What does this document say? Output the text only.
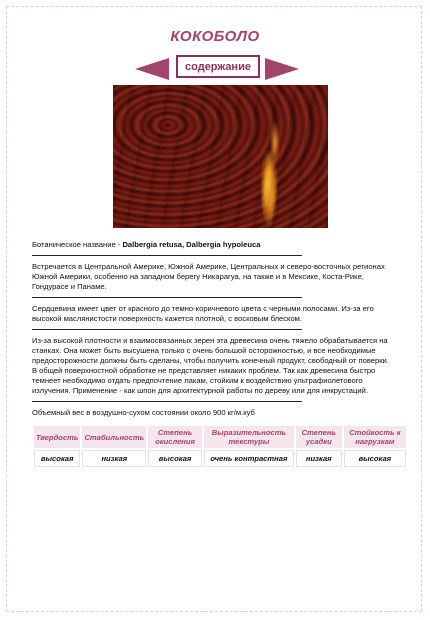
КОКОБОЛО
содержание

Ботаническое название - Dalbergia retusa, Dalbergia hypoleuca

Встречается в Центральной Америке, Южной Америке, Центральных и северо-восточных регионах Южной Америки, особенно на западном берегу Никарагуа, на также и в Мексике, Коста-Рике, Гондурасе и Панаме.

Сердцевина имеет цвет от красного до темно-коричневого цвета с черными полосами. Из-за его высокой маслянистости поверхность кажется плотной, с восковым блеском.

Из-за высокой плотности и взаимосвязанных зерен эта древесина очень тяжело обрабатывается на станках. Она может быть высушена только с очень большой осторожностью, и все необходимые предосторожности должны быть сделаны, чтобы получить конечный продукт, свободный от поверки. В общей поверхностной обработке не представляет никаких проблем. Так как древесина быстро темнеет необходимо отдать предпочтение лакам, стойким к воздействию ультрафиолетового излучения. Применение - как шпон для архитектурной работы по дереву или для инкрустаций.

Объемный вес в воздушно-сухом состоянии около 900 кг/м.куб

Твердость	Стабильность	Степень окисления	Выразительность текстуры	Степень усадки	Стойкость к нагрузкам
высокая	низкая	высокая	очень контрастная	низкая	высокая
